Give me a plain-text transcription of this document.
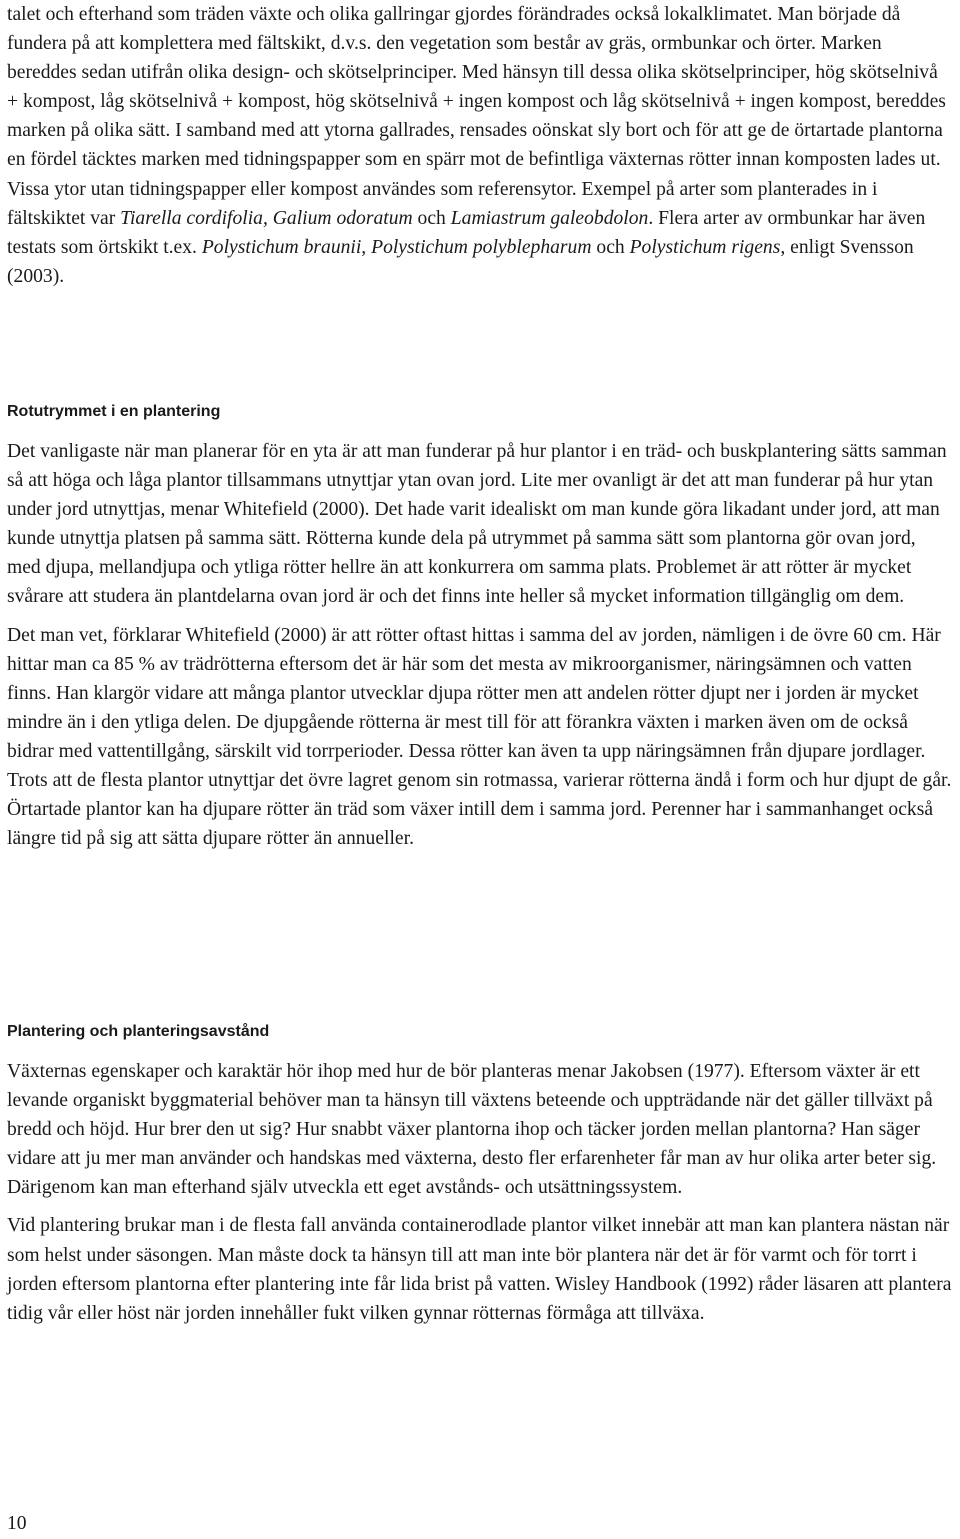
talet och efterhand som träden växte och olika gallringar gjordes förändrades också lokalklimatet. Man började då fundera på att komplettera med fältskikt, d.v.s. den vegetation som består av gräs, ormbunkar och örter. Marken bereddes sedan utifrån olika design- och skötselprinciper. Med hänsyn till dessa olika skötselprinciper, hög skötselnivå + kompost, låg skötselnivå + kompost, hög skötselnivå + ingen kompost och låg skötselnivå + ingen kompost, bereddes marken på olika sätt. I samband med att ytorna gallrades, rensades oönskat sly bort och för att ge de örtartade plantorna en fördel täcktes marken med tidningspapper som en spärr mot de befintliga växternas rötter innan komposten lades ut. Vissa ytor utan tidningspapper eller kompost användes som referensytor. Exempel på arter som planterades in i fältskiktet var Tiarella cordifolia, Galium odoratum och Lamiastrum galeobdolon. Flera arter av ormbunkar har även testats som örtskikt t.ex. Polystichum braunii, Polystichum polyblepharum och Polystichum rigens, enligt Svensson (2003).

Rotutrymmet i en plantering

Det vanligaste när man planerar för en yta är att man funderar på hur plantor i en träd- och buskplantering sätts samman så att höga och låga plantor tillsammans utnyttjar ytan ovan jord. Lite mer ovanligt är det att man funderar på hur ytan under jord utnyttjas, menar Whitefield (2000). Det hade varit idealiskt om man kunde göra likadant under jord, att man kunde utnyttja platsen på samma sätt. Rötterna kunde dela på utrymmet på samma sätt som plantorna gör ovan jord, med djupa, mellandjupa och ytliga rötter hellre än att konkurrera om samma plats. Problemet är att rötter är mycket svårare att studera än plantdelarna ovan jord är och det finns inte heller så mycket information tillgänglig om dem.

Det man vet, förklarar Whitefield (2000) är att rötter oftast hittas i samma del av jorden, nämligen i de övre 60 cm. Här hittar man ca 85 % av trädrötterna eftersom det är här som det mesta av mikroorganismer, näringsämnen och vatten finns. Han klargör vidare att många plantor utvecklar djupa rötter men att andelen rötter djupt ner i jorden är mycket mindre än i den ytliga delen. De djupgående rötterna är mest till för att förankra växten i marken även om de också bidrar med vattentillgång, särskilt vid torrperioder. Dessa rötter kan även ta upp näringsämnen från djupare jordlager. Trots att de flesta plantor utnyttjar det övre lagret genom sin rotmassa, varierar rötterna ändå i form och hur djupt de går. Örtartade plantor kan ha djupare rötter än träd som växer intill dem i samma jord. Perenner har i sammanhanget också längre tid på sig att sätta djupare rötter än annueller.

Plantering och planteringsavstånd

Växternas egenskaper och karaktär hör ihop med hur de bör planteras menar Jakobsen (1977). Eftersom växter är ett levande organiskt byggmaterial behöver man ta hänsyn till växtens beteende och uppträdande när det gäller tillväxt på bredd och höjd. Hur brer den ut sig? Hur snabbt växer plantorna ihop och täcker jorden mellan plantorna? Han säger vidare att ju mer man använder och handskas med växterna, desto fler erfarenheter får man av hur olika arter beter sig. Därigenom kan man efterhand själv utveckla ett eget avstånds- och utsättningssystem.

Vid plantering brukar man i de flesta fall använda containerodlade plantor vilket innebär att man kan plantera nästan när som helst under säsongen. Man måste dock ta hänsyn till att man inte bör plantera när det är för varmt och för torrt i jorden eftersom plantorna efter plantering inte får lida brist på vatten. Wisley Handbook (1992) råder läsaren att plantera tidig vår eller höst när jorden innehåller fukt vilken gynnar rötternas förmåga att tillväxa.

10
